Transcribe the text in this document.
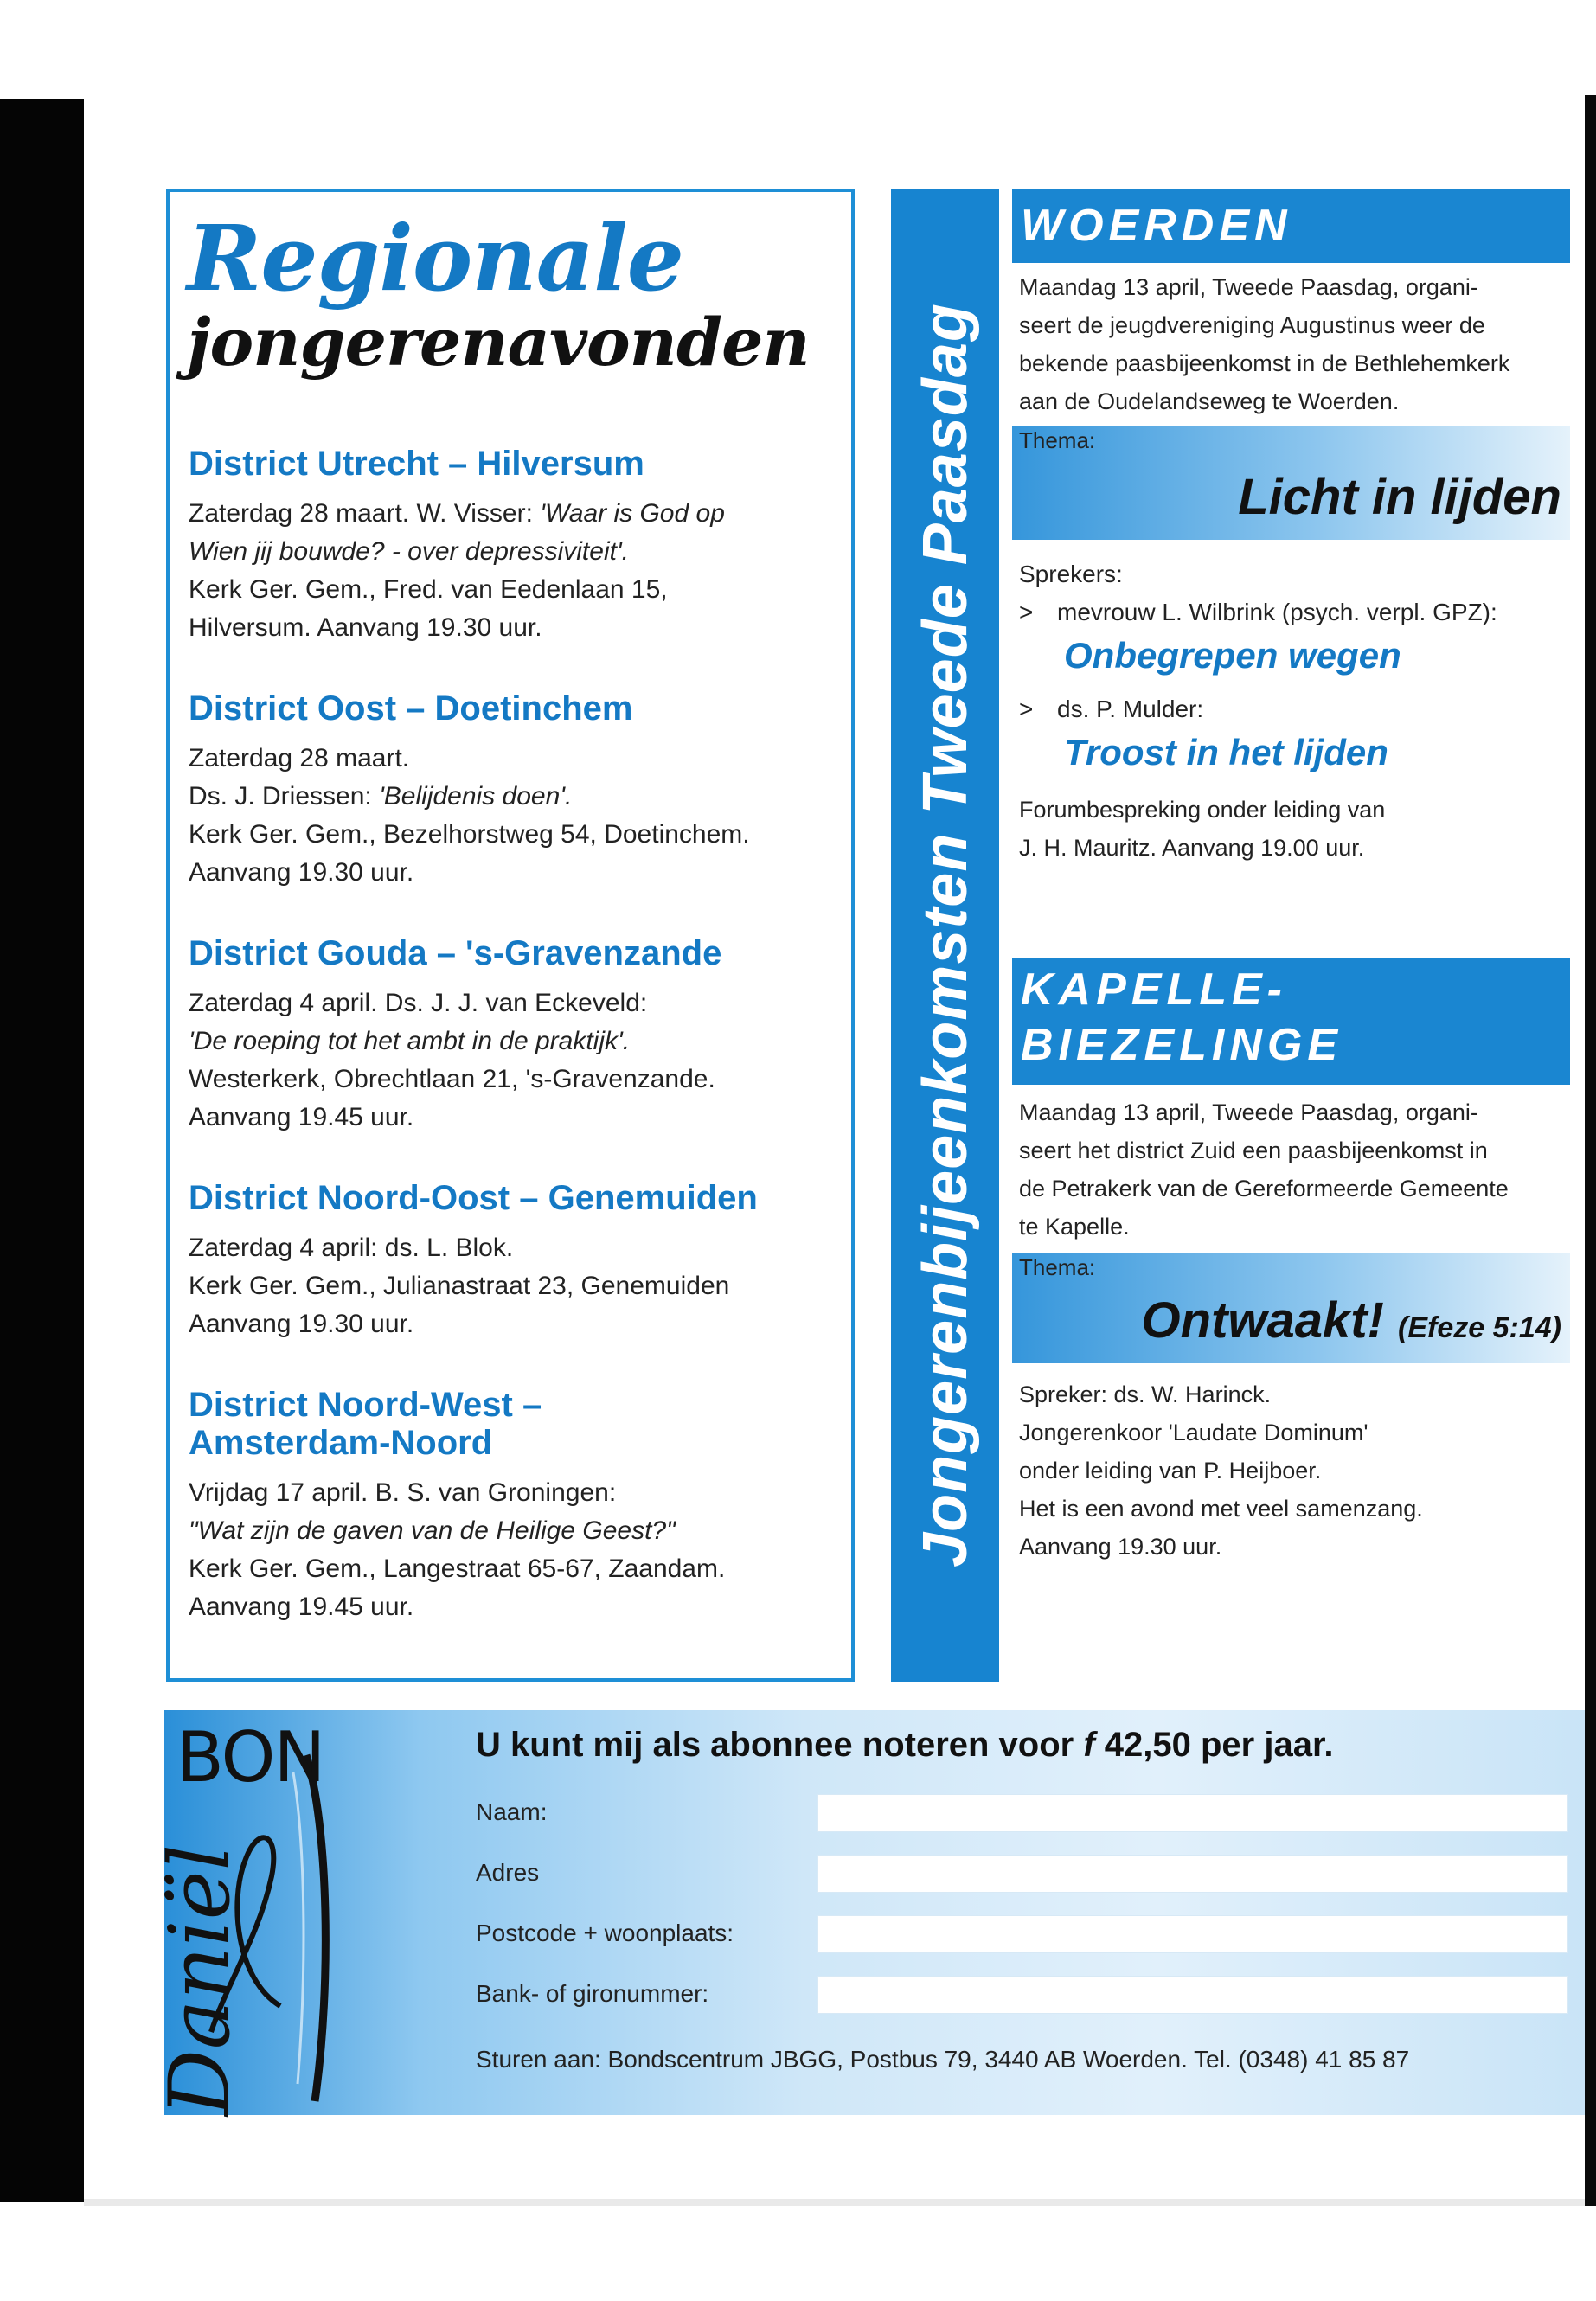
Regionale
jongerenavonden
District Utrecht – Hilversum

Zaterdag 28 maart. W. Visser: 'Waar is God op
Wien jij bouwde? - over depressiviteit'.
Kerk Ger. Gem., Fred. van Eedenlaan 15,
Hilversum. Aanvang 19.30 uur.

District Oost – Doetinchem

Zaterdag 28 maart.
Ds. J. Driessen: 'Belijdenis doen'.
Kerk Ger. Gem., Bezelhorstweg 54, Doetinchem.
Aanvang 19.30 uur.

District Gouda – 's-Gravenzande

Zaterdag 4 april. Ds. J. J. van Eckeveld:
'De roeping tot het ambt in de praktijk'.
Westerkerk, Obrechtlaan 21, 's-Gravenzande.
Aanvang 19.45 uur.

District Noord-Oost – Genemuiden

Zaterdag 4 april: ds. L. Blok.
Kerk Ger. Gem., Julianastraat 23, Genemuiden
Aanvang 19.30 uur.

District Noord-West –
Amsterdam-Noord

Vrijdag 17 april. B. S. van Groningen:
"Wat zijn de gaven van de Heilige Geest?"
Kerk Ger. Gem., Langestraat 65-67, Zaandam.
Aanvang 19.45 uur.

Jongerenbijeenkomsten Tweede Paasdag
WOERDEN

Maandag 13 april, Tweede Paasdag, organi-

seert de jeugdvereniging Augustinus weer de

bekende paasbijeenkomst in de Bethlehemkerk

aan de Oudelandseweg te Woerden.

Thema:
Licht in lijden
Sprekers:
> mevrouw L. Wilbrink (psych. verpl. GPZ):
Onbegrepen wegen
> ds. P. Mulder:
Troost in het lijden

Forumbespreking onder leiding van

J. H. Mauritz. Aanvang 19.00 uur.

KAPELLE-
BIEZELINGE

Maandag 13 april, Tweede Paasdag, organi-

seert het district Zuid een paasbijeenkomst in

de Petrakerk van de Gereformeerde Gemeente

te Kapelle.

Thema:
Ontwaakt! (Efeze 5:14)

Spreker: ds. W. Harinck.

Jongerenkoor 'Laudate Dominum'

onder leiding van P. Heijboer.

Het is een avond met veel samenzang.

Aanvang 19.30 uur.

BON
Daniël
U kunt mij als abonnee noteren voor f 42,50 per jaar.
Naam:
Adres
Postcode + woonplaats:
Bank- of gironummer:
Sturen aan: Bondscentrum JBGG, Postbus 79, 3440 AB Woerden. Tel. (0348) 41 85 87
